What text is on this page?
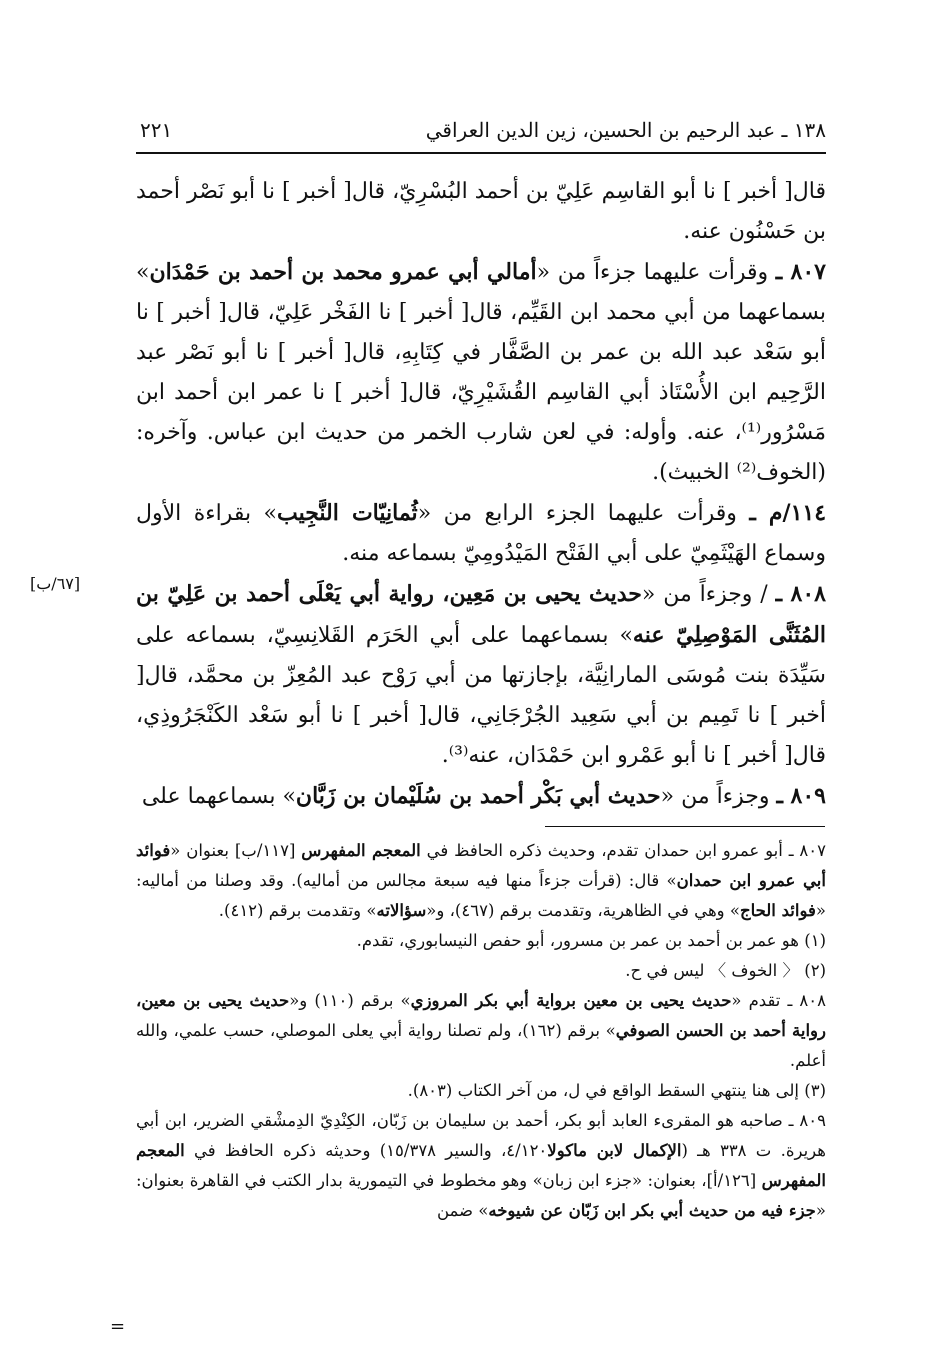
١٣٨ ـ عبد الرحيم بن الحسين، زين الدين العراقي
٢٢١
[٦٧/ب]

قال[ أخبر ] نا أبو القاسِم عَلِيّ بن أحمد البُسْرِيّ، قال[ أخبر ] نا أبو نَصْر أحمد بن حَسْنُون عنه.

٨٠٧ ـ وقرأت عليهما جزءاً من «أمالي أبي عمرو محمد بن أحمد بن حَمْدَان» بسماعهما من أبي محمد ابن القَيِّم، قال[ أخبر ] نا الفَخْر عَلِيّ، قال[ أخبر ] نا أبو سَعْد عبد الله بن عمر بن الصَّفَّار في كِتَابِهِ، قال[ أخبر ] نا أبو نَصْر عبد الرَّحِيم ابن الأُسْتَاذ أبي القاسِم القُشَيْرِيّ، قال[ أخبر ] نا عمر ابن أحمد ابن مَسْرُور⁽¹⁾، عنه. وأوله: في لعن شارب الخمر من حديث ابن عباس. وآخره: (الخوف⁽²⁾ الخبيث).

١١٤/م ـ وقرأت عليهما الجزء الرابع من «ثُمانِيّات النَّجِيب» بقراءة الأول وسماع الهَيْثَمِيّ على أبي الفَتْح المَيْدُومِيّ بسماعه منه.

٨٠٨ ـ / وجزءاً من «حديث يحيى بن مَعِين، رواية أبي يَعْلَى أحمد بن عَلِيّ بن المُثَنَّى المَوْصِلِيّ عنه» بسماعهما على أبي الحَرَم القَلانِسِيّ، بسماعه على سَيِّدَة بنت مُوسَى المارانِيَّة، بإجازتها من أبي رَوْح عبد المُعِزّ بن محمَّد، قال[ أخبر ] نا تَمِيم بن أبي سَعِيد الجُرْجَانِي، قال[ أخبر ] نا أبو سَعْد الكَنْجَرُوذِي، قال[ أخبر ] نا أبو عَمْرو ابن حَمْدَان، عنه⁽³⁾.

٨٠٩ ـ وجزءاً من «حديث أبي بَكْر أحمد بن سُلَيْمان بن زَبَّان» بسماعهما على

٨٠٧ ـ أبو عمرو ابن حمدان تقدم، وحديث ذكره الحافظ في المعجم المفهرس [١١٧/ب] بعنوان «فوائد أبي عمرو ابن حمدان» قال: (قرأت جزءاً منها فيه سبعة مجالس من أماليه). وقد وصلنا من أماليه: «فوائد الحاج» وهي في الظاهرية، وتقدمت برقم (٤٦٧)، و«سؤالاته» وتقدمت برقم (٤١٢).

(١) هو عمر بن أحمد بن عمر بن مسرور، أبو حفص النيسابوري، تقدم.

(٢) 〈 الخوف 〉 ليس في ح.

٨٠٨ ـ تقدم «حديث يحيى بن معين برواية أبي بكر المروزي» برقم (١١٠) و«حديث يحيى بن معين، رواية أحمد بن الحسن الصوفي» برقم (١٦٢)، ولم تصلنا رواية أبي يعلى الموصلي، حسب علمي، والله أعلم.

(٣) إلى هنا ينتهي السقط الواقع في ل، من آخر الكتاب (٨٠٣).

٨٠٩ ـ صاحبه هو المقرىء العابد أبو بكر، أحمد بن سليمان بن زَبّان، الكِنْدِيّ الدِمشْقي الضرير، ابن أبي هريرة. ت ٣٣٨ هـ (الإكمال لابن ماكولا٤/١٢٠، والسير ١٥/٣٧٨) وحديثه ذكره الحافظ في المعجم المفهرس [١٢٦/أ]، بعنوان: «جزء ابن زبان» وهو مخطوط في التيمورية بدار الكتب في القاهرة بعنوان: «جزء فيه من حديث أبي بكر ابن زَبّان عن شيوخه» ضمن

=
